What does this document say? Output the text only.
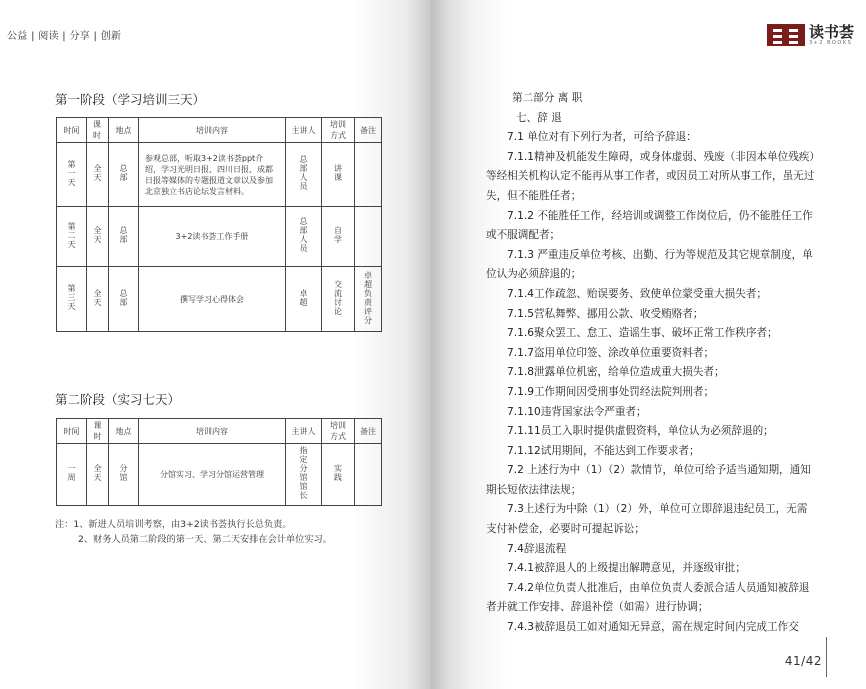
公益 | 阅读 | 分享 | 创新
第一阶段（学习培训三天）
时间	课时	地点	培训内容	主讲人	培训方式	备注
第一天	全天	总部	参观总部，听取3+2读书荟ppt介绍，学习光明日报、四川日报、成都日报等媒体的专题报道文章以及参加北京独立书店论坛发言材料。	总部人员	讲课	
第二天	全天	总部	3+2读书荟工作手册	总部人员	自学	
第三天	全天	总部	撰写学习心得体会	卓超	交流讨论	卓超负责评分
第二阶段（实习七天）
时间	课时	地点	培训内容	主讲人	培训方式	备注
一周	全天	分馆	分馆实习、学习分馆运营管理	指定分馆馆长	实践	
注：1、新进人员培训考察，由3+2读书荟执行长总负责。
2、财务人员第二阶段的第一天、第二天安排在会计单位实习。
读书荟
3+2 BOOKS

第二部分 离 职

七、辞 退

7.1 单位对有下列行为者，可给予辞退：

7.1.1精神及机能发生障碍，或身体虚弱、残废（非因本单位残疾）等经相关机构认定不能再从事工作者，或因员工对所从事工作，虽无过失，但不能胜任者；

7.1.2 不能胜任工作，经培训或调整工作岗位后，仍不能胜任工作或不服调配者；

7.1.3 严重违反单位考核、出勤、行为等规范及其它规章制度，单位认为必须辞退的；

7.1.4工作疏忽、贻误要务、致使单位蒙受重大损失者；

7.1.5营私舞弊、挪用公款、收受贿赂者；

7.1.6聚众罢工、怠工、造谣生事、破坏正常工作秩序者；

7.1.7盗用单位印签、涂改单位重要资料者；

7.1.8泄露单位机密，给单位造成重大损失者；

7.1.9工作期间因受刑事处罚经法院判刑者；

7.1.10违背国家法令严重者；

7.1.11员工入职时提供虚假资料，单位认为必须辞退的；

7.1.12试用期间，不能达到工作要求者；

7.2 上述行为中（1）（2）款情节，单位可给予适当通知期，通知期长短依法律法规；

7.3上述行为中除（1）（2）外，单位可立即辞退违纪员工，无需支付补偿金，必要时可提起诉讼；

7.4辞退流程

7.4.1被辞退人的上级提出解聘意见，并逐级审批；

7.4.2单位负责人批准后，由单位负责人委派合适人员通知被辞退者并就工作安排、辞退补偿（如需）进行协调；

7.4.3被辞退员工如对通知无异意，需在规定时间内完成工作交

41/42
